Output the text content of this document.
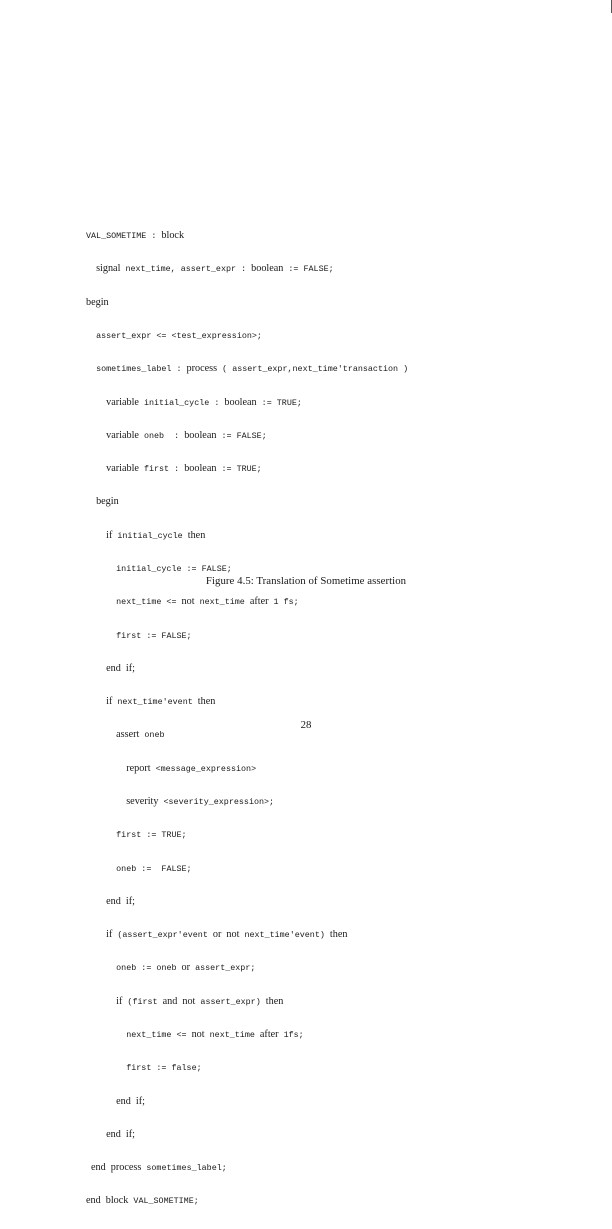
VAL_SOMETIME : block

signal next_time, assert_expr : boolean := FALSE;

begin

assert_expr <= <test_expression>;

sometimes_label : process ( assert_expr,next_time'transaction )

variable initial_cycle : boolean := TRUE;

variable oneb : boolean := FALSE;

variable first : boolean := TRUE;

begin

if initial_cycle then

initial_cycle := FALSE;

next_time <= not next_time after 1 fs;

first := FALSE;

end if;

if next_time'event then

assert oneb

report <message_expression>

severity <severity_expression>;

first := TRUE;

oneb := FALSE;

end if;

if (assert_expr'event or not next_time'event) then

oneb := oneb or assert_expr;

if (first and not assert_expr) then

next_time <= not next_time after 1fs;

first := false;

end if;

end if;

end process sometimes_label;

end block VAL_SOMETIME;

Figure 4.5: Translation of Sometime assertion
28
